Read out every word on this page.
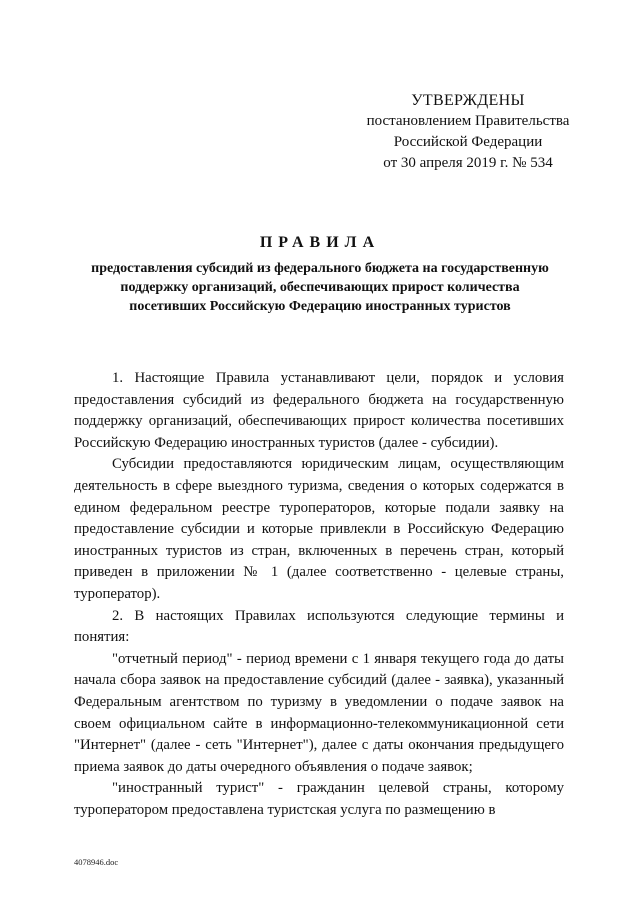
УТВЕРЖДЕНЫ
постановлением Правительства
Российской Федерации
от 30 апреля 2019 г. № 534
ПРАВИЛА
предоставления субсидий из федерального бюджета на государственную поддержку организаций, обеспечивающих прирост количества посетивших Российскую Федерацию иностранных туристов

1. Настоящие Правила устанавливают цели, порядок и условия предоставления субсидий из федерального бюджета на государственную поддержку организаций, обеспечивающих прирост количества посетивших Российскую Федерацию иностранных туристов (далее - субсидии).

Субсидии предоставляются юридическим лицам, осуществляющим деятельность в сфере выездного туризма, сведения о которых содержатся в едином федеральном реестре туроператоров, которые подали заявку на предоставление субсидии и которые привлекли в Российскую Федерацию иностранных туристов из стран, включенных в перечень стран, который приведен в приложении № 1 (далее соответственно - целевые страны, туроператор).

2. В настоящих Правилах используются следующие термины и понятия:

"отчетный период" - период времени с 1 января текущего года до даты начала сбора заявок на предоставление субсидий (далее - заявка), указанный Федеральным агентством по туризму в уведомлении о подаче заявок на своем официальном сайте в информационно-телекоммуникационной сети "Интернет" (далее - сеть "Интернет"), далее с даты окончания предыдущего приема заявок до даты очередного объявления о подаче заявок;

"иностранный турист" - гражданин целевой страны, которому туроператором предоставлена туристская услуга по размещению в

4078946.doc
